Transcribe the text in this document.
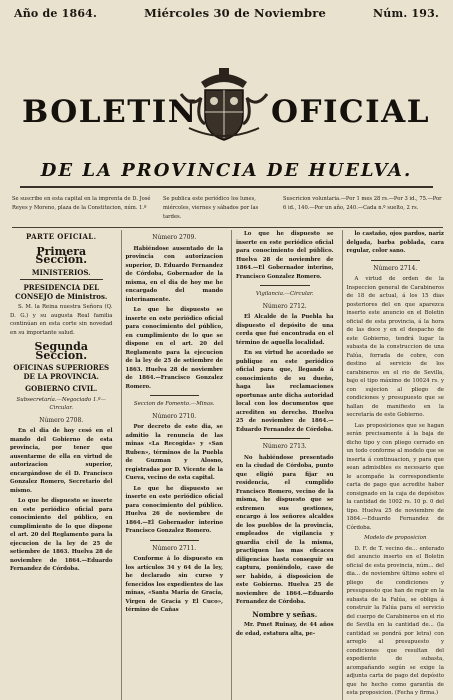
Año de 1864.	Miércoles 30 de Noviembre	Núm. 193.
BOLETIN OFICIAL
DE LA PROVINCIA DE HUELVA.
Se suscribe en esta capital en la imprenta de D. José Reyes y Moreno, plaza de la Constitucion, núm. 1.º
Se publica este periódico los lunes, miércoles, viernes y sábados por las tardes.
Suscricion voluntaria.—Por 1 mes 28 rs.—Por 3 id., 75.—Por 6 id., 140.—Por un año, 240.—Cada n.º suelto, 2 rs.
PARTE OFICIAL.
Primera Seccion.
MINISTERIOS.
PRESIDENCIA DEL CONSEJO de Ministros.

S. M. la Reina nuestra Señora (Q. D. G.) y su augusta Real familia continúan en esta corte sin novedad en su importante salud.

Segunda Seccion.
OFICINAS SUPERIORES DE LA PROVINCIA.
GOBIERNO CIVIL.
Subsecretaría.—Negociado 1.º—Circular.
Número 2708.

En el dia de hoy cesó en el mando del Gobierno de esta provincia, por tener que ausentarme de ella en virtud de autorizacion superior, encargándose de él D. Francisco Gonzalez Romero, Secretario del mismo.

Lo que he dispuesto se inserte en este periódico oficial para conocimiento del público, en cumplimiento de lo que dispone el art. 20 del Reglamento para la ejecucion de la ley de 25 de setiembre de 1863. Huelva 28 de noviembre de 1864.—Eduardo Fernandez de Córdoba.

Número 2709.

Habiéndose ausentado de la provincia con autorizacion superior, D. Eduardo Fernandez de Córdoba, Gobernador de la misma, en el dia de hoy me he encargado del mando interinamente.

Lo que he dispuesto se inserte en este periódico oficial para conocimiento del público, en cumplimiento de lo que se dispone en el art. 20 del Reglamento para la ejecucion de la ley de 25 de setiembre de 1863. Huelva 28 de noviembre de 1864.—Francisco Gonzalez Romero.

Seccion de Fomento.—Minas.
Número 2710.

Por decreto de este dia, se admitio la renuncia de las minas «La Recogida» y «San Ruben», términos de la Puebla de Guzman y Alosno, registradas por D. Vicente de la Cueva, vecino de esta capital.

Lo que he dispuesto se inserte en este periódico oficial para conocimiento del público. Huelva 26 de noviembre de 1864.—El Gobernador interino Francisco Gonzalez Romero.

Número 2711.

Conforme á lo dispuesto en los artículos 34 y 64 de la ley, he declarado sin curso y fenecidos los expedientes de las minas, «Santa Maria de Gracia, Virgen de Gracia y El Cuco», término de Cañas

Lo que he dispuesto se inserte en este periódico oficial para conocimiento del público. Huelva 28 de noviembre de 1864.—El Gobernador interino, Francisco Gonzalez Romero.

Vigilancia.—Circular.
Número 2712.

El Alcalde de la Puebla ha dispuesto el depósito de una cerda que fué encontrada en el término de aquella localidad.

En su virtud he acordado se publique en este periódico oficial para que, llegando á conocimiento de su dueño, haga las reclamaciones oportunas ante dicha autoridad local con los documentos que acrediten su derecho. Huelva 25 de noviembre de 1864.—Eduardo Fernandez de Córdoba.

Número 2713.

No habiéndose presentado en la ciudad de Córdoba, punto que eligió para fijar su residencia, el cumplido Francisco Romero, vecino de la misma, he dispuesto que se extremen sus gestiones, encargo á los señores alcaldes de los pueblos de la provincia, empleados de vigilancia y guardia civil de la misma, practiquen las mas eficaces diligencias hasta conseguir su captura, poniéndolo, caso de ser habido, á disposicion de este Gobierno. Huelva 25 de noviembre de 1864.—Eduardo Fernandez de Córdoba.

Nombre y señas.

Mr. Pmet Ruinay, de 44 años de edad, estatura alta, pe-

lo castaño, ojos pardos, nariz delgada, barba poblada, cara regular, color sano.

Número 2714.

A virtud de orden de la Inspeccion general de Carabineros de 18 de actual, á los 15 dias posteriores del en que aparezca inserto este anuncio en el Boletin oficial de esta provincia, á la hora de las doce y en el despacho de este Gobierno, tendrá lugar la subasta de la construccion de una Falúa, forrada de cobre, con destino al servicio de los carabineros en el rio de Sevilla, bajo el tipo máximo de 10024 rs. y con sujecion al pliego de condiciones y presupuesto que se hallan de manifiesto en la secretaría de este Gobierno.

Las proposiciones que se hagan serán precisamente á la baja de dicho tipo y con pliego cerrado en un todo conforme al modelo que se inserta á continuacion, y para que sean admisibles es necesario que le acompañe la correspondiente carta de pago que acredite haber consignado en la caja de depósitos la cantidad de 1002 rs. 10 p. 0 del tipo. Huelva 25 de noviembre de 1864.—Eduardo Fernandez de Córdoba.

Modelo de proposicion

D. F. de T. vecino de... enterado del anuncio inserto en el Boletin oficial de esta provincia, núm... del dia... de noviembre último sobre el pliego de condiciones y presupuesto que han de regir en la subasta de la Falúa, se obliga á construir la Falúa para el servicio del cuerpo de Carabineros en el rio de Sevilla en la cantidad de... (la cantidad se pondrá por letra) con arreglo al presupuesto y condiciones que resultan del expediente de subasta, acompañando según se exige la adjunta carta de pago del depósito que he hecho como garantía de esta proposicion. (Fecha y firma.)
